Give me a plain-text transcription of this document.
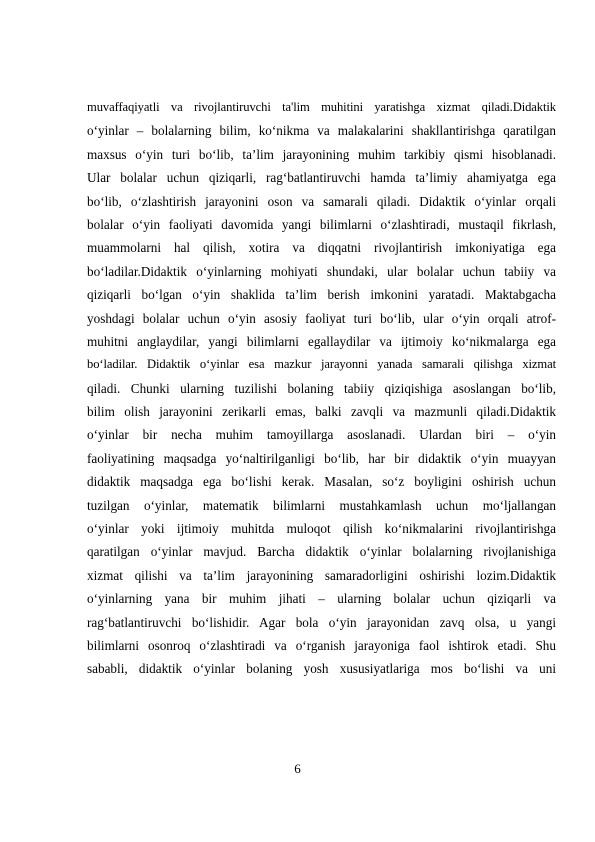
muvaffaqiyatli va rivojlantiruvchi ta'lim muhitini yaratishga xizmat qiladi.Didaktik
o‘yinlar – bolalarning bilim, ko‘nikma va malakalarini shakllantirishga qaratilgan
maxsus o‘yin turi bo‘lib, ta’lim jarayonining muhim tarkibiy qismi hisoblanadi.
Ular bolalar uchun qiziqarli, rag‘batlantiruvchi hamda ta’limiy ahamiyatga ega
bo‘lib, o‘zlashtirish jarayonini oson va samarali qiladi. Didaktik o‘yinlar orqali
bolalar o‘yin faoliyati davomida yangi bilimlarni o‘zlashtiradi, mustaqil fikrlash,
muammolarni hal qilish, xotira va diqqatni rivojlantirish imkoniyatiga ega
bo‘ladilar.Didaktik o‘yinlarning mohiyati shundaki, ular bolalar uchun tabiiy va
qiziqarli bo‘lgan o‘yin shaklida ta’lim berish imkonini yaratadi. Maktabgacha
yoshdagi bolalar uchun o‘yin asosiy faoliyat turi bo‘lib, ular o‘yin orqali atrof-
muhitni anglaydilar, yangi bilimlarni egallaydilar va ijtimoiy ko‘nikmalarga ega
bo‘ladilar. Didaktik o‘yinlar esa mazkur jarayonni yanada samarali qilishga xizmat
qiladi. Chunki ularning tuzilishi bolaning tabiiy qiziqishiga asoslangan bo‘lib,
bilim olish jarayonini zerikarli emas, balki zavqli va mazmunli qiladi.Didaktik
o‘yinlar bir necha muhim tamoyillarga asoslanadi. Ulardan biri – o‘yin
faoliyatining maqsadga yo‘naltirilganligi bo‘lib, har bir didaktik o‘yin muayyan
didaktik maqsadga ega bo‘lishi kerak. Masalan, so‘z boyligini oshirish uchun
tuzilgan o‘yinlar, matematik bilimlarni mustahkamlash uchun mo‘ljallangan
o‘yinlar yoki ijtimoiy muhitda muloqot qilish ko‘nikmalarini rivojlantirishga
qaratilgan o‘yinlar mavjud. Barcha didaktik o‘yinlar bolalarning rivojlanishiga
xizmat qilishi va ta’lim jarayonining samaradorligini oshirishi lozim.Didaktik
o‘yinlarning yana bir muhim jihati – ularning bolalar uchun qiziqarli va
rag‘batlantiruvchi bo‘lishidir. Agar bola o‘yin jarayonidan zavq olsa, u yangi
bilimlarni osonroq o‘zlashtiradi va o‘rganish jarayoniga faol ishtirok etadi. Shu
sababli, didaktik o‘yinlar bolaning yosh xususiyatlariga mos bo‘lishi va uni
6
